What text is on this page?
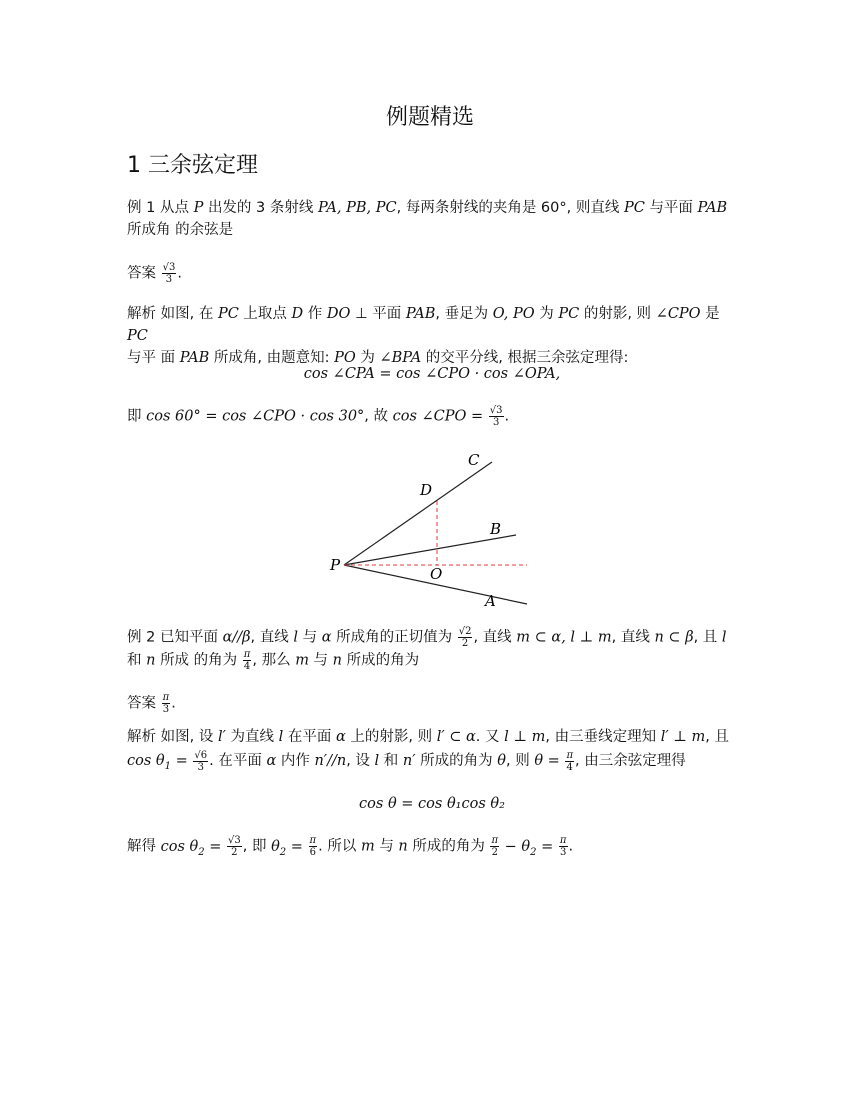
例题精选
1 三余弦定理
例 1 从点 P 出发的 3 条射线 PA, PB, PC, 每两条射线的夹角是 60°, 则直线 PC 与平面 PAB
所成角 的余弦是
答案 $\frac{√3}{3}$ .
解析 如图, 在 PC 上取点 D 作 DO ⊥ 平面 PAB, 垂足为 O, PO 为 PC 的射影, 则 ∠CPO 是 PC
与平 面 PAB 所成角, 由题意知: PO 为 ∠BPA 的交平分线, 根据三余弦定理得:
cos ∠CPA = cos ∠CPO · cos ∠OPA,
即 cos 60° = cos ∠CPO · cos 30°, 故 cos ∠CPO = $\frac{√3}{3}$ .
C
D
B
P	O
A
例 2 已知平面 α//β, 直线 l 与 α 所成角的正切值为 $\frac{√2}{2}$ , 直线 m ⊂ α, l ⊥ m, 直线 n ⊂ β, 且 l
和 n 所成 的角为 $\frac{\pi}{4}$ , 那么 m 与 n 所成的角为
答案 $\frac{\pi}{3}$ .
解析 如图, 设 l′ 为直线 l 在平面 α 上的射影, 则 l′ ⊂ α. 又 l ⊥ m, 由三垂线定理知 l′ ⊥ m, 且
$\cos \theta_1 = \frac{√6}{3}$ . 在平面 α 内作 n′//n, 设 l 和 n′ 所成的角为 θ, 则 $\theta = \frac{\pi}{4}$ , 由三余弦定理得
cos θ = cos θ₁cos θ₂
解得 $\cos \theta_2 = \frac{√3}{2}$ , 即 $\theta_2 = \frac{\pi}{6}$ . 所以 m 与 n 所成的角为 $\frac{\pi}{2} - \theta_2 = \frac{\pi}{3}$ .
